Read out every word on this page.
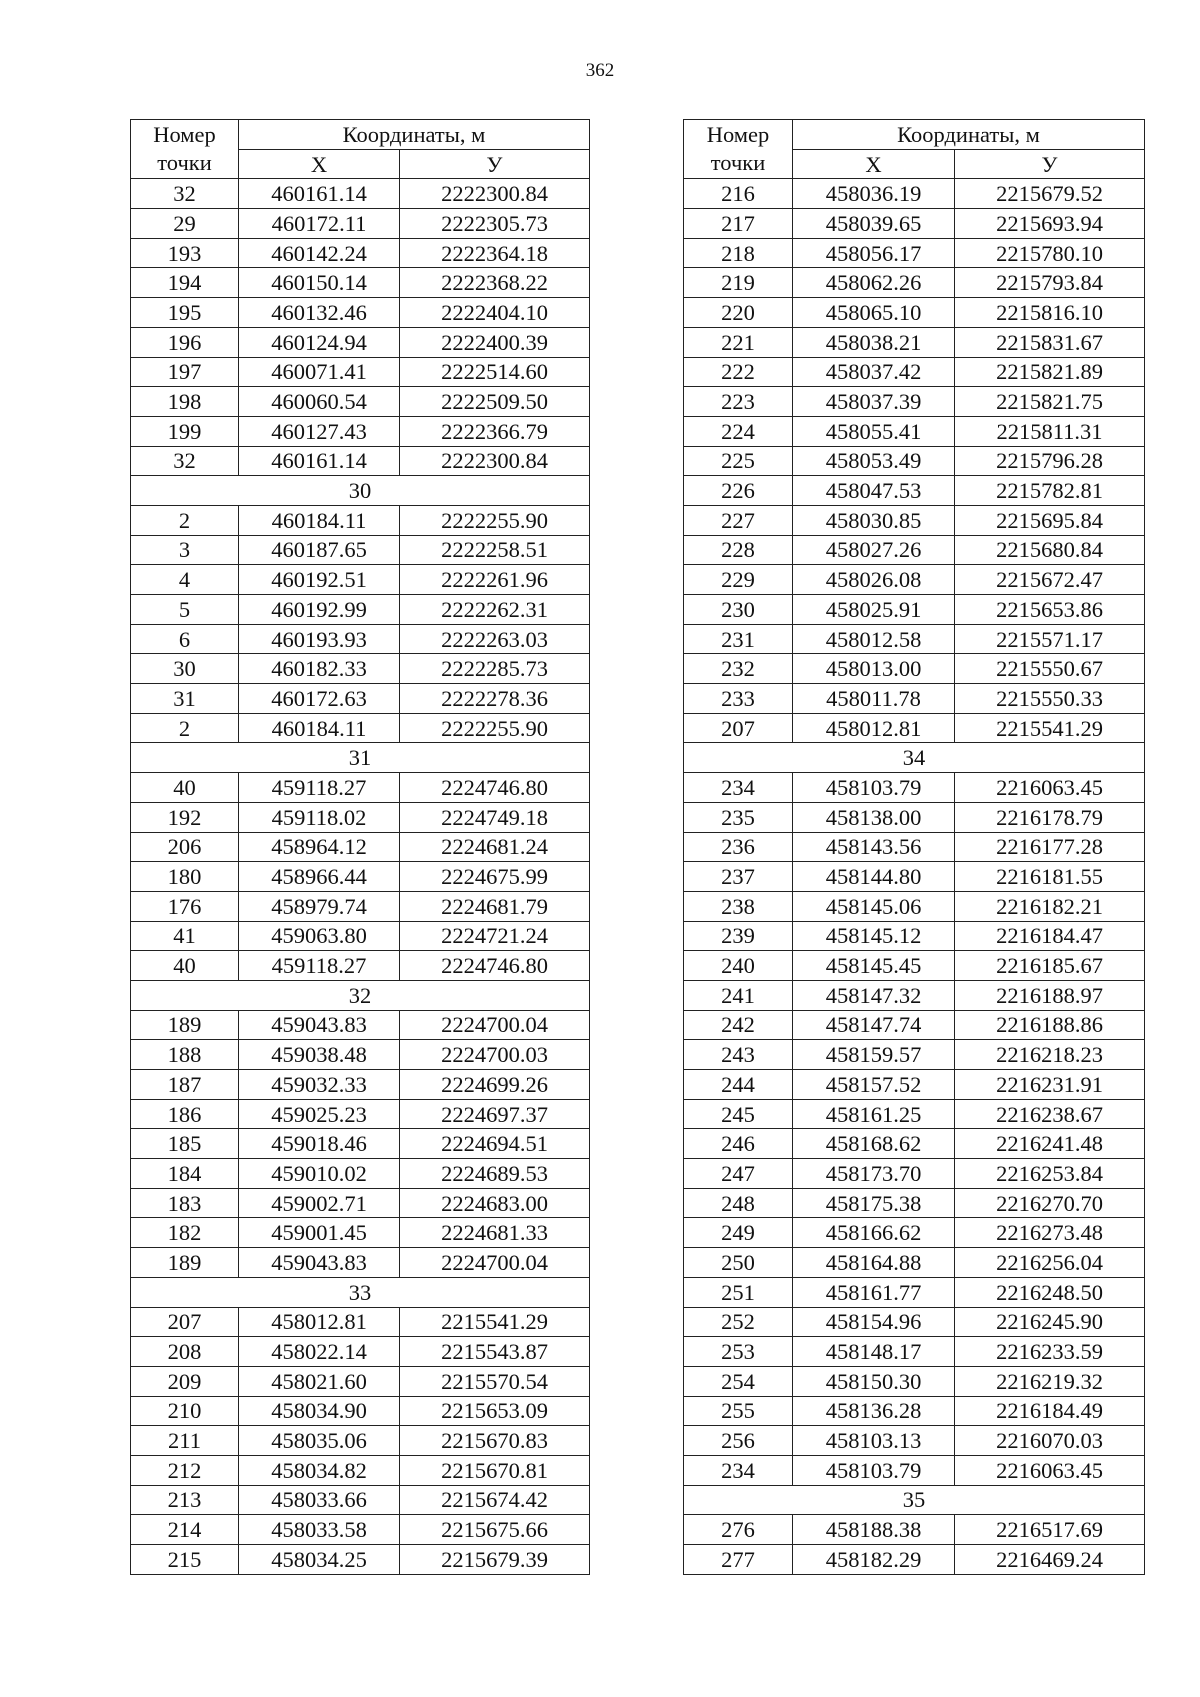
362
Номер
точки	Координаты, м	
	X	У
32	460161.14	2222300.84
29	460172.11	2222305.73
193	460142.24	2222364.18
194	460150.14	2222368.22
195	460132.46	2222404.10
196	460124.94	2222400.39
197	460071.41	2222514.60
198	460060.54	2222509.50
199	460127.43	2222366.79
32	460161.14	2222300.84
30		
2	460184.11	2222255.90
3	460187.65	2222258.51
4	460192.51	2222261.96
5	460192.99	2222262.31
6	460193.93	2222263.03
30	460182.33	2222285.73
31	460172.63	2222278.36
2	460184.11	2222255.90
31		
40	459118.27	2224746.80
192	459118.02	2224749.18
206	458964.12	2224681.24
180	458966.44	2224675.99
176	458979.74	2224681.79
41	459063.80	2224721.24
40	459118.27	2224746.80
32		
189	459043.83	2224700.04
188	459038.48	2224700.03
187	459032.33	2224699.26
186	459025.23	2224697.37
185	459018.46	2224694.51
184	459010.02	2224689.53
183	459002.71	2224683.00
182	459001.45	2224681.33
189	459043.83	2224700.04
33		
207	458012.81	2215541.29
208	458022.14	2215543.87
209	458021.60	2215570.54
210	458034.90	2215653.09
211	458035.06	2215670.83
212	458034.82	2215670.81
213	458033.66	2215674.42
214	458033.58	2215675.66
215	458034.25	2215679.39
Номер
точки	Координаты, м	
	X	У
216	458036.19	2215679.52
217	458039.65	2215693.94
218	458056.17	2215780.10
219	458062.26	2215793.84
220	458065.10	2215816.10
221	458038.21	2215831.67
222	458037.42	2215821.89
223	458037.39	2215821.75
224	458055.41	2215811.31
225	458053.49	2215796.28
226	458047.53	2215782.81
227	458030.85	2215695.84
228	458027.26	2215680.84
229	458026.08	2215672.47
230	458025.91	2215653.86
231	458012.58	2215571.17
232	458013.00	2215550.67
233	458011.78	2215550.33
207	458012.81	2215541.29
34		
234	458103.79	2216063.45
235	458138.00	2216178.79
236	458143.56	2216177.28
237	458144.80	2216181.55
238	458145.06	2216182.21
239	458145.12	2216184.47
240	458145.45	2216185.67
241	458147.32	2216188.97
242	458147.74	2216188.86
243	458159.57	2216218.23
244	458157.52	2216231.91
245	458161.25	2216238.67
246	458168.62	2216241.48
247	458173.70	2216253.84
248	458175.38	2216270.70
249	458166.62	2216273.48
250	458164.88	2216256.04
251	458161.77	2216248.50
252	458154.96	2216245.90
253	458148.17	2216233.59
254	458150.30	2216219.32
255	458136.28	2216184.49
256	458103.13	2216070.03
234	458103.79	2216063.45
35		
276	458188.38	2216517.69
277	458182.29	2216469.24
